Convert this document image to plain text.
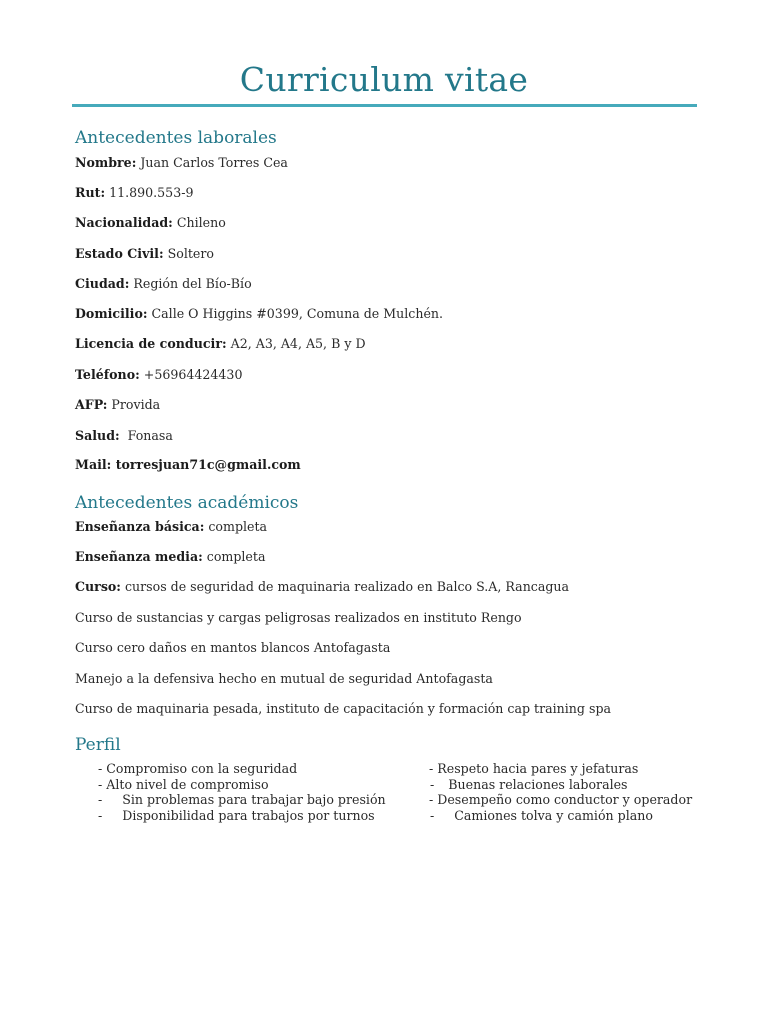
Curriculum vitae
Antecedentes laborales
Nombre: Juan Carlos Torres Cea
Rut: 11.890.553-9
Nacionalidad: Chileno
Estado Civil: Soltero
Ciudad: Región del Bío-Bío
Domicilio: Calle O Higgins #0399, Comuna de Mulchén.
Licencia de conducir: A2, A3, A4, A5, B y D
Teléfono: +56964424430
AFP: Provida
Salud:  Fonasa
Mail: torresjuan71c@gmail.com
Antecedentes académicos
Enseñanza básica: completa
Enseñanza media: completa
Curso: cursos de seguridad de maquinaria realizado en Balco S.A, Rancagua
Curso de sustancias y cargas peligrosas realizados en instituto Rengo
Curso cero daños en mantos blancos Antofagasta
Manejo a la defensiva hecho en mutual de seguridad Antofagasta
Curso de maquinaria pesada, instituto de capacitación y formación cap training spa
Perfil
- Compromiso con la seguridad
- Alto nivel de compromiso
- Sin problemas para trabajar bajo presión
- Disponibilidad para trabajos por turnos
- Respeto hacia pares y jefaturas
- Buenas relaciones laborales
- Desempeño como conductor y operador
- Camiones tolva y camión plano
